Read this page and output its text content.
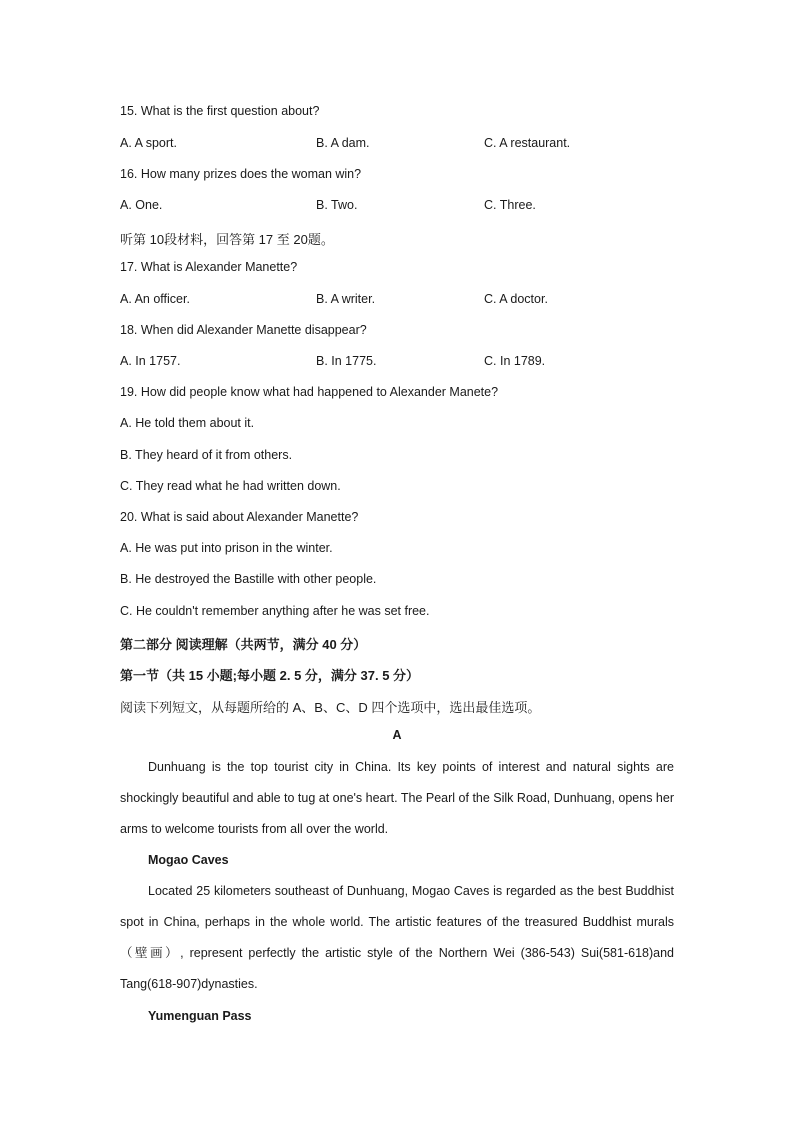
15. What is the first question about?
A. A sport.	B. A dam.	C. A restaurant.
16. How many prizes does the woman win?
A. One.	B. Two.	C. Three.
听第 10段材料，回答第 17 至 20题。
17. What is Alexander Manette?
A. An officer.	B. A writer.	C. A doctor.
18. When did Alexander Manette disappear?
A. In 1757.	B. In 1775.	C. In 1789.
19. How did people know what had happened to Alexander Manete?
A. He told them about it.
B. They heard of it from others.
C. They read what he had written down.
20. What is said about Alexander Manette?
A. He was put into prison in the winter.
B. He destroyed the Bastille with other people.
C. He couldn't remember anything after he was set free.
第二部分 阅读理解（共两节，满分 40 分）
第一节（共 15 小题;每小题 2. 5 分，满分 37. 5 分）
阅读下列短文，从每题所给的 A、B、C、D 四个选项中，选出最佳选项。
A
Dunhuang is the top tourist city in China. Its key points of interest and natural sights are shockingly beautiful and able to tug at one's heart. The Pearl of the Silk Road, Dunhuang, opens her arms to welcome tourists from all over the world.
Mogao Caves
Located 25 kilometers southeast of Dunhuang, Mogao Caves is regarded as the best Buddhist spot in China, perhaps in the whole world. The artistic features of the treasured Buddhist murals（壁画）, represent perfectly the artistic style of the Northern Wei (386-543) Sui(581-618)and Tang(618-907)dynasties.
Yumenguan Pass
